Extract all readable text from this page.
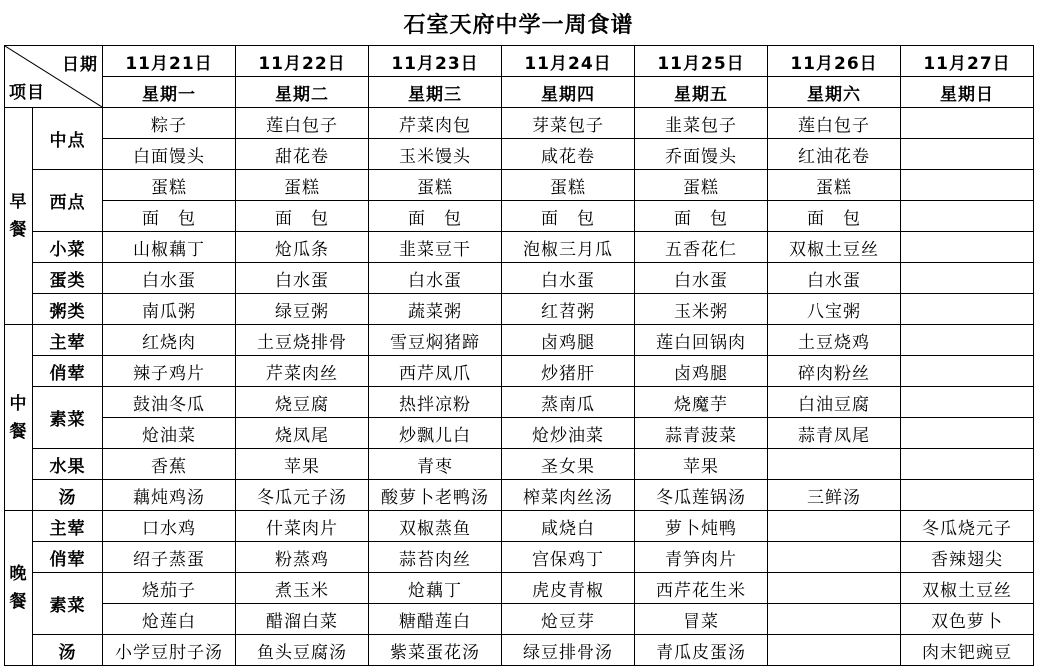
石室天府中学一周食谱
日期
项目		11月21日	11月22日	11月23日	11月24日	11月25日	11月26日	11月27日
		星期一	星期二	星期三	星期四	星期五	星期六	星期日

早
餐	中点	粽子	莲白包子	芹菜肉包	芽菜包子	韭菜包子	莲白包子	
		白面馒头	甜花卷	玉米馒头	咸花卷	乔面馒头	红油花卷	
	西点	蛋糕	蛋糕	蛋糕	蛋糕	蛋糕	蛋糕	
		面　包	面　包	面　包	面　包	面　包	面　包	
	小菜	山椒藕丁	炝瓜条	韭菜豆干	泡椒三月瓜	五香花仁	双椒土豆丝	
	蛋类	白水蛋	白水蛋	白水蛋	白水蛋	白水蛋	白水蛋	
	粥类	南瓜粥	绿豆粥	蔬菜粥	红苕粥	玉米粥	八宝粥	

中
餐	主荤	红烧肉	土豆烧排骨	雪豆焖猪蹄	卤鸡腿	莲白回锅肉	土豆烧鸡	
	俏荤	辣子鸡片	芹菜肉丝	西芹凤爪	炒猪肝	卤鸡腿	碎肉粉丝	
	素菜	鼓油冬瓜	烧豆腐	热拌凉粉	蒸南瓜	烧魔芋	白油豆腐	
		炝油菜	烧凤尾	炒飘儿白	炝炒油菜	蒜青菠菜	蒜青凤尾	
	水果	香蕉	苹果	青枣	圣女果	苹果		
	汤	藕炖鸡汤	冬瓜元子汤	酸萝卜老鸭汤	榨菜肉丝汤	冬瓜莲锅汤	三鲜汤	

晚
餐	主荤	口水鸡	什菜肉片	双椒蒸鱼	咸烧白	萝卜炖鸭		冬瓜烧元子
	俏荤	绍子蒸蛋	粉蒸鸡	蒜苔肉丝	宫保鸡丁	青笋肉片		香辣翅尖
	素菜	烧茄子	煮玉米	炝藕丁	虎皮青椒	西芹花生米		双椒土豆丝
		炝莲白	醋溜白菜	糖醋莲白	炝豆芽	冒菜		双色萝卜
	汤	小学豆肘子汤	鱼头豆腐汤	紫菜蛋花汤	绿豆排骨汤	青瓜皮蛋汤		肉末钯豌豆
